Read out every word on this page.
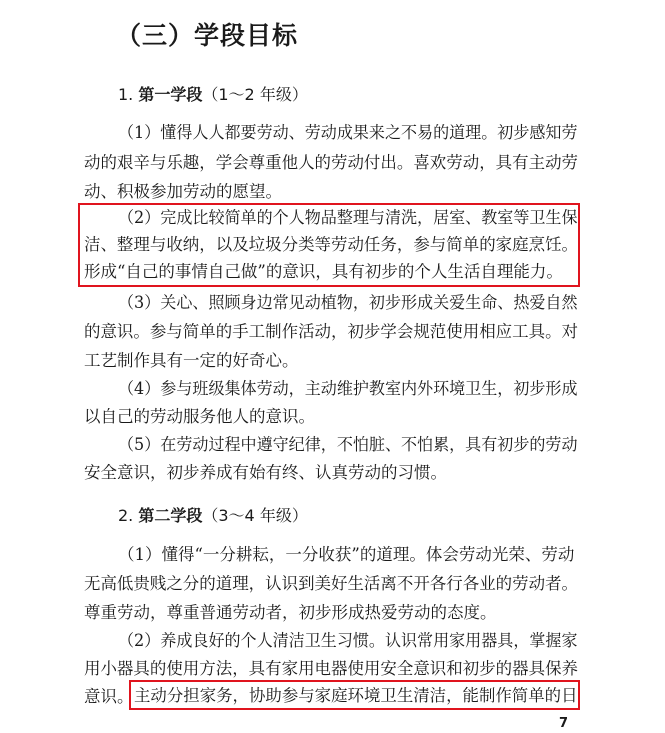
（三）学段目标
1. 第一学段（1～2 年级）
（1）懂得人人都要劳动、劳动成果来之不易的道理。初步感知劳
动的艰辛与乐趣，学会尊重他人的劳动付出。喜欢劳动，具有主动劳
动、积极参加劳动的愿望。
（2）完成比较简单的个人物品整理与清洗，居室、教室等卫生保
洁、整理与收纳，以及垃圾分类等劳动任务，参与简单的家庭烹饪。
形成“自己的事情自己做”的意识，具有初步的个人生活自理能力。
（3）关心、照顾身边常见动植物，初步形成关爱生命、热爱自然
的意识。参与简单的手工制作活动，初步学会规范使用相应工具。对
工艺制作具有一定的好奇心。
（4）参与班级集体劳动，主动维护教室内外环境卫生，初步形成
以自己的劳动服务他人的意识。
（5）在劳动过程中遵守纪律，不怕脏、不怕累，具有初步的劳动
安全意识，初步养成有始有终、认真劳动的习惯。
2. 第二学段（3～4 年级）
（1）懂得“一分耕耘，一分收获”的道理。体会劳动光荣、劳动
无高低贵贱之分的道理，认识到美好生活离不开各行各业的劳动者。
尊重劳动，尊重普通劳动者，初步形成热爱劳动的态度。
（2）养成良好的个人清洁卫生习惯。认识常用家用器具，掌握家
用小器具的使用方法，具有家用电器使用安全意识和初步的器具保养
意识。 主动分担家务，协助参与家庭环境卫生清洁，能制作简单的日
7
